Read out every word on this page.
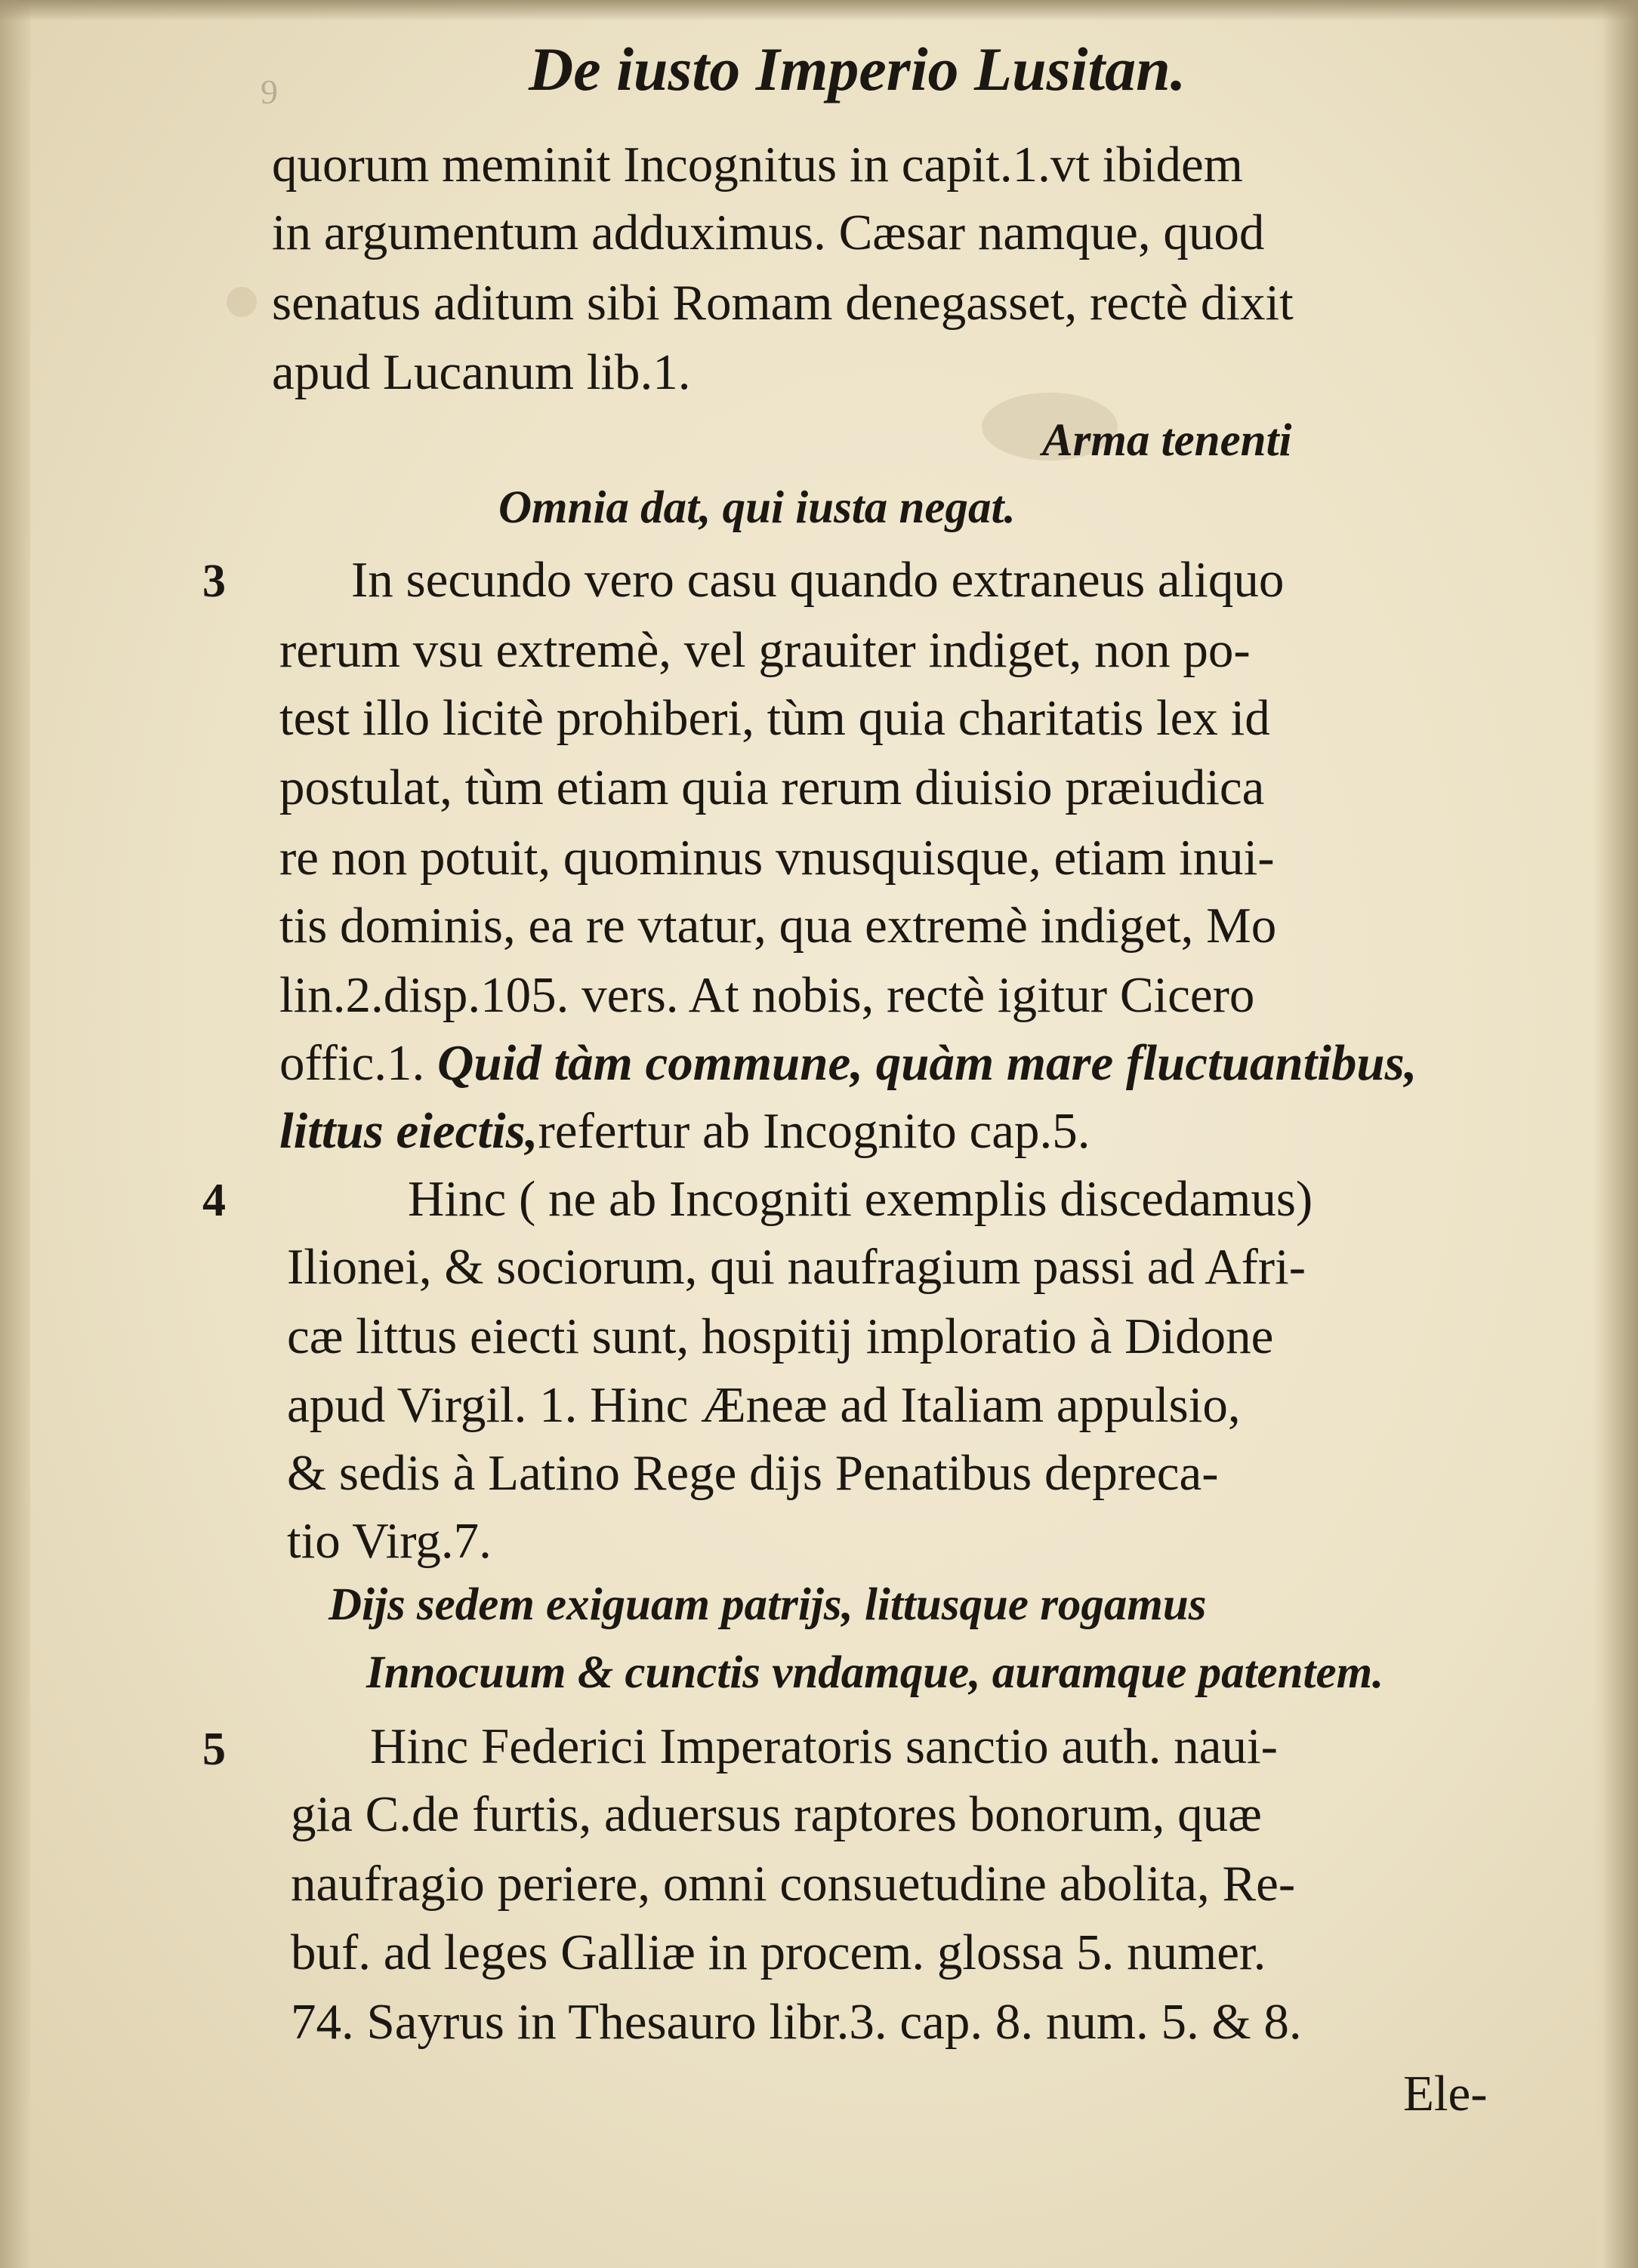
9	De iusto Imperio Lusitan.
quorum meminit Incognitus in capit.1.vt ibidem
in argumentum adduximus. Cæsar namque, quod
senatus aditum sibi Romam denegasset, rectè dixit
apud Lucanum lib.1.
Arma tenenti
Omnia dat, qui iusta negat.
In secundo vero casu quando extraneus aliquo
rerum vsu extremè, vel grauiter indiget, non po-
test illo licitè prohiberi, tùm quia charitatis lex id
postulat, tùm etiam quia rerum diuisio præiudica
re non potuit, quominus vnusquisque, etiam inui-
tis dominis, ea re vtatur, qua extremè indiget, Mo
lin.2.disp.105. vers. At nobis, rectè igitur Cicero
offic.1. Quid tàm commune, quàm mare fluctuantibus,
littus eiectis,refertur ab Incognito cap.5.
Hinc ( ne ab Incogniti exemplis discedamus)
Ilionei, & sociorum, qui naufragium passi ad Afri-
cæ littus eiecti sunt, hospitij imploratio à Didone
apud Virgil. 1. Hinc Æneæ ad Italiam appulsio,
& sedis à Latino Rege dijs Penatibus depreca-
tio Virg.7.
Dijs sedem exiguam patrijs, littusque rogamus
Innocuum & cunctis vndamque, auramque patentem.
Hinc Federici Imperatoris sanctio auth. naui-
gia C.de furtis, aduersus raptores bonorum, quæ
naufragio periere, omni consuetudine abolita, Re-
buf. ad leges Galliæ in procem. glossa 5. numer.
74. Sayrus in Thesauro libr.3. cap. 8. num. 5. & 8.
3
4
5
Ele-
